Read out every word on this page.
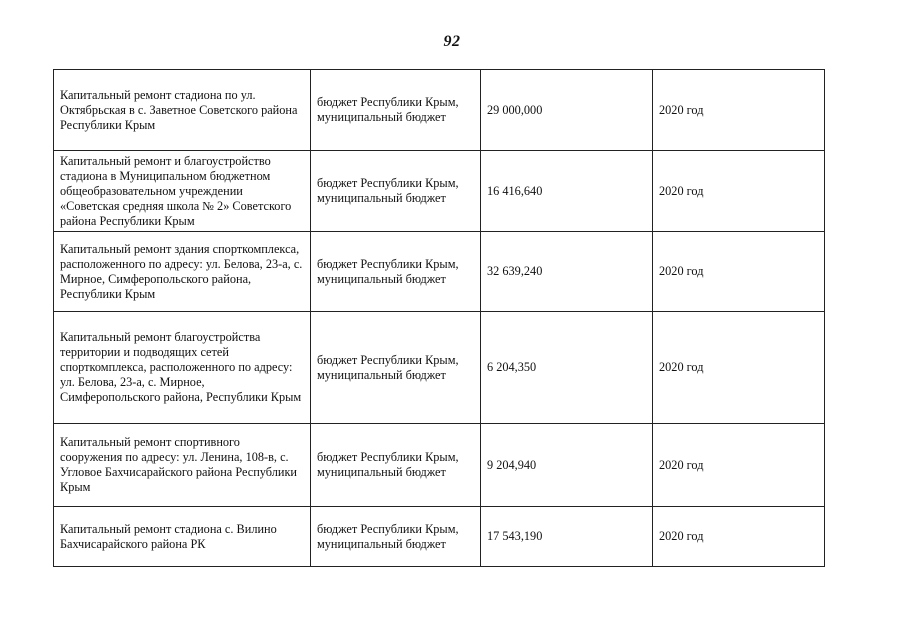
92
Капитальный ремонт стадиона по ул. Октябрьская в с. Заветное Советского района Республики Крым	бюджет Республики Крым, муниципальный бюджет	29 000,000	2020 год
Капитальный ремонт и благоустройство стадиона в Муниципальном бюджетном общеобразовательном учреждении «Советская средняя школа № 2» Советского района Республики Крым	бюджет Республики Крым, муниципальный бюджет	16 416,640	2020 год
Капитальный ремонт здания спорткомплекса, расположенного по адресу: ул. Белова, 23-а, с. Мирное, Симферопольского района, Республики Крым	бюджет Республики Крым, муниципальный бюджет	32 639,240	2020 год
Капитальный ремонт благоустройства территории и подводящих сетей спорткомплекса, расположенного по адресу: ул. Белова, 23-а, с. Мирное, Симферопольского района, Республики Крым	бюджет Республики Крым, муниципальный бюджет	6 204,350	2020 год
Капитальный ремонт спортивного сооружения по адресу: ул. Ленина, 108-в, с. Угловое Бахчисарайского района Республики Крым	бюджет Республики Крым, муниципальный бюджет	9 204,940	2020 год
Капитальный ремонт стадиона с. Вилино Бахчисарайского района РК	бюджет Республики Крым, муниципальный бюджет	17 543,190	2020 год
